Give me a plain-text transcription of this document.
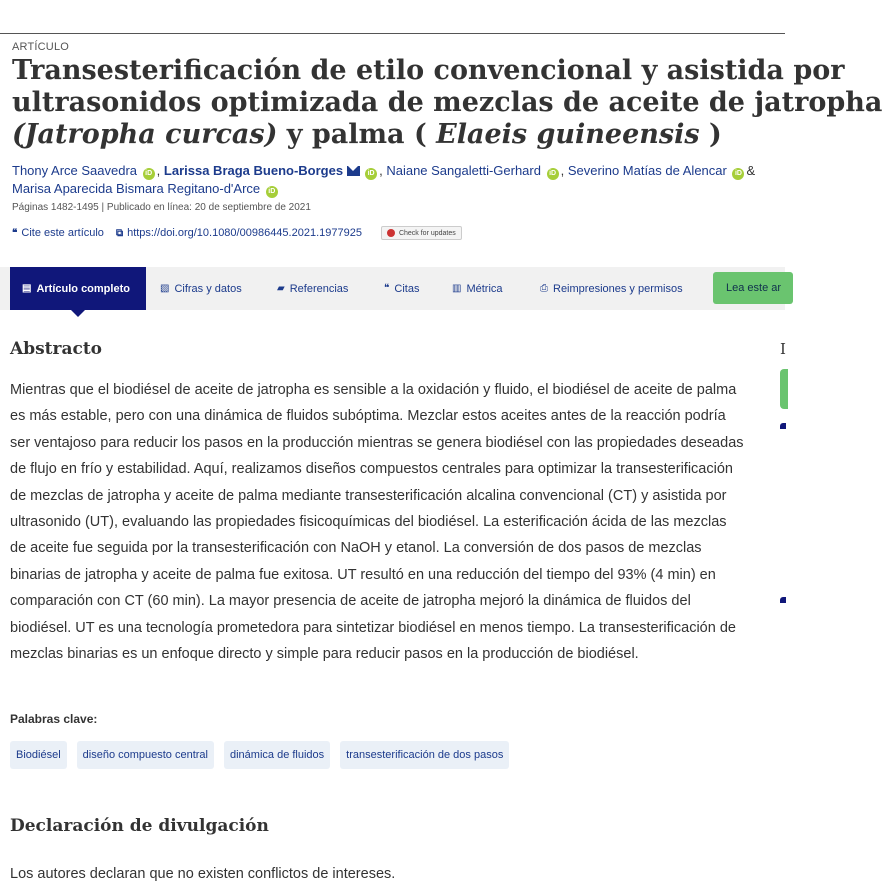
ARTÍCULO
Transesterificación de etilo convencional y asistida por
ultrasonidos optimizada de mezclas de aceite de jatropha
(Jatropha curcas) y palma ( Elaeis guineensis )
Thony Arce Saavedra iD , Larissa Braga Bueno-Borges	iD , Naiane Sangaletti-Gerhard iD , Severino Matías de Alencar iD &
Marisa Aparecida Bismara Regitano-d'Arce iD
Páginas 1482-1495 | Publicado en línea: 20 de septiembre de 2021
❝ Cite este artículo ⧉ https://doi.org/10.1080/00986445.2021.1977925	Check for updates
▤ Artículo completo	▧ Cifras y datos	▰ Referencias	❝ Citas	▥ Métrica	⎙ Reimpresiones y permisos	Lea este ar
Abstracto

Mientras que el biodiésel de aceite de jatropha es sensible a la oxidación y fluido, el biodiésel de aceite de palma es más estable, pero con una dinámica de fluidos subóptima. Mezclar estos aceites antes de la reacción podría ser ventajoso para reducir los pasos en la producción mientras se genera biodiésel con las propiedades deseadas de flujo en frío y estabilidad. Aquí, realizamos diseños compuestos centrales para optimizar la transesterificación de mezclas de jatropha y aceite de palma mediante transesterificación alcalina convencional (CT) y asistida por ultrasonido (UT), evaluando las propiedades fisicoquímicas del biodiésel. La esterificación ácida de las mezclas de aceite fue seguida por la transesterificación con NaOH y etanol. La conversión de dos pasos de mezclas binarias de jatropha y aceite de palma fue exitosa. UT resultó en una reducción del tiempo del 93% (4 min) en comparación con CT (60 min). La mayor presencia de aceite de jatropha mejoró la dinámica de fluidos del biodiésel. UT es una tecnología prometedora para sintetizar biodiésel en menos tiempo. La transesterificación de mezclas binarias es un enfoque directo y simple para reducir pasos en la producción de biodiésel.

Palabras clave:
Biodiésel	diseño compuesto central	dinámica de fluidos	transesterificación de dos pasos
Declaración de divulgación

Los autores declaran que no existen conflictos de intereses.

I
